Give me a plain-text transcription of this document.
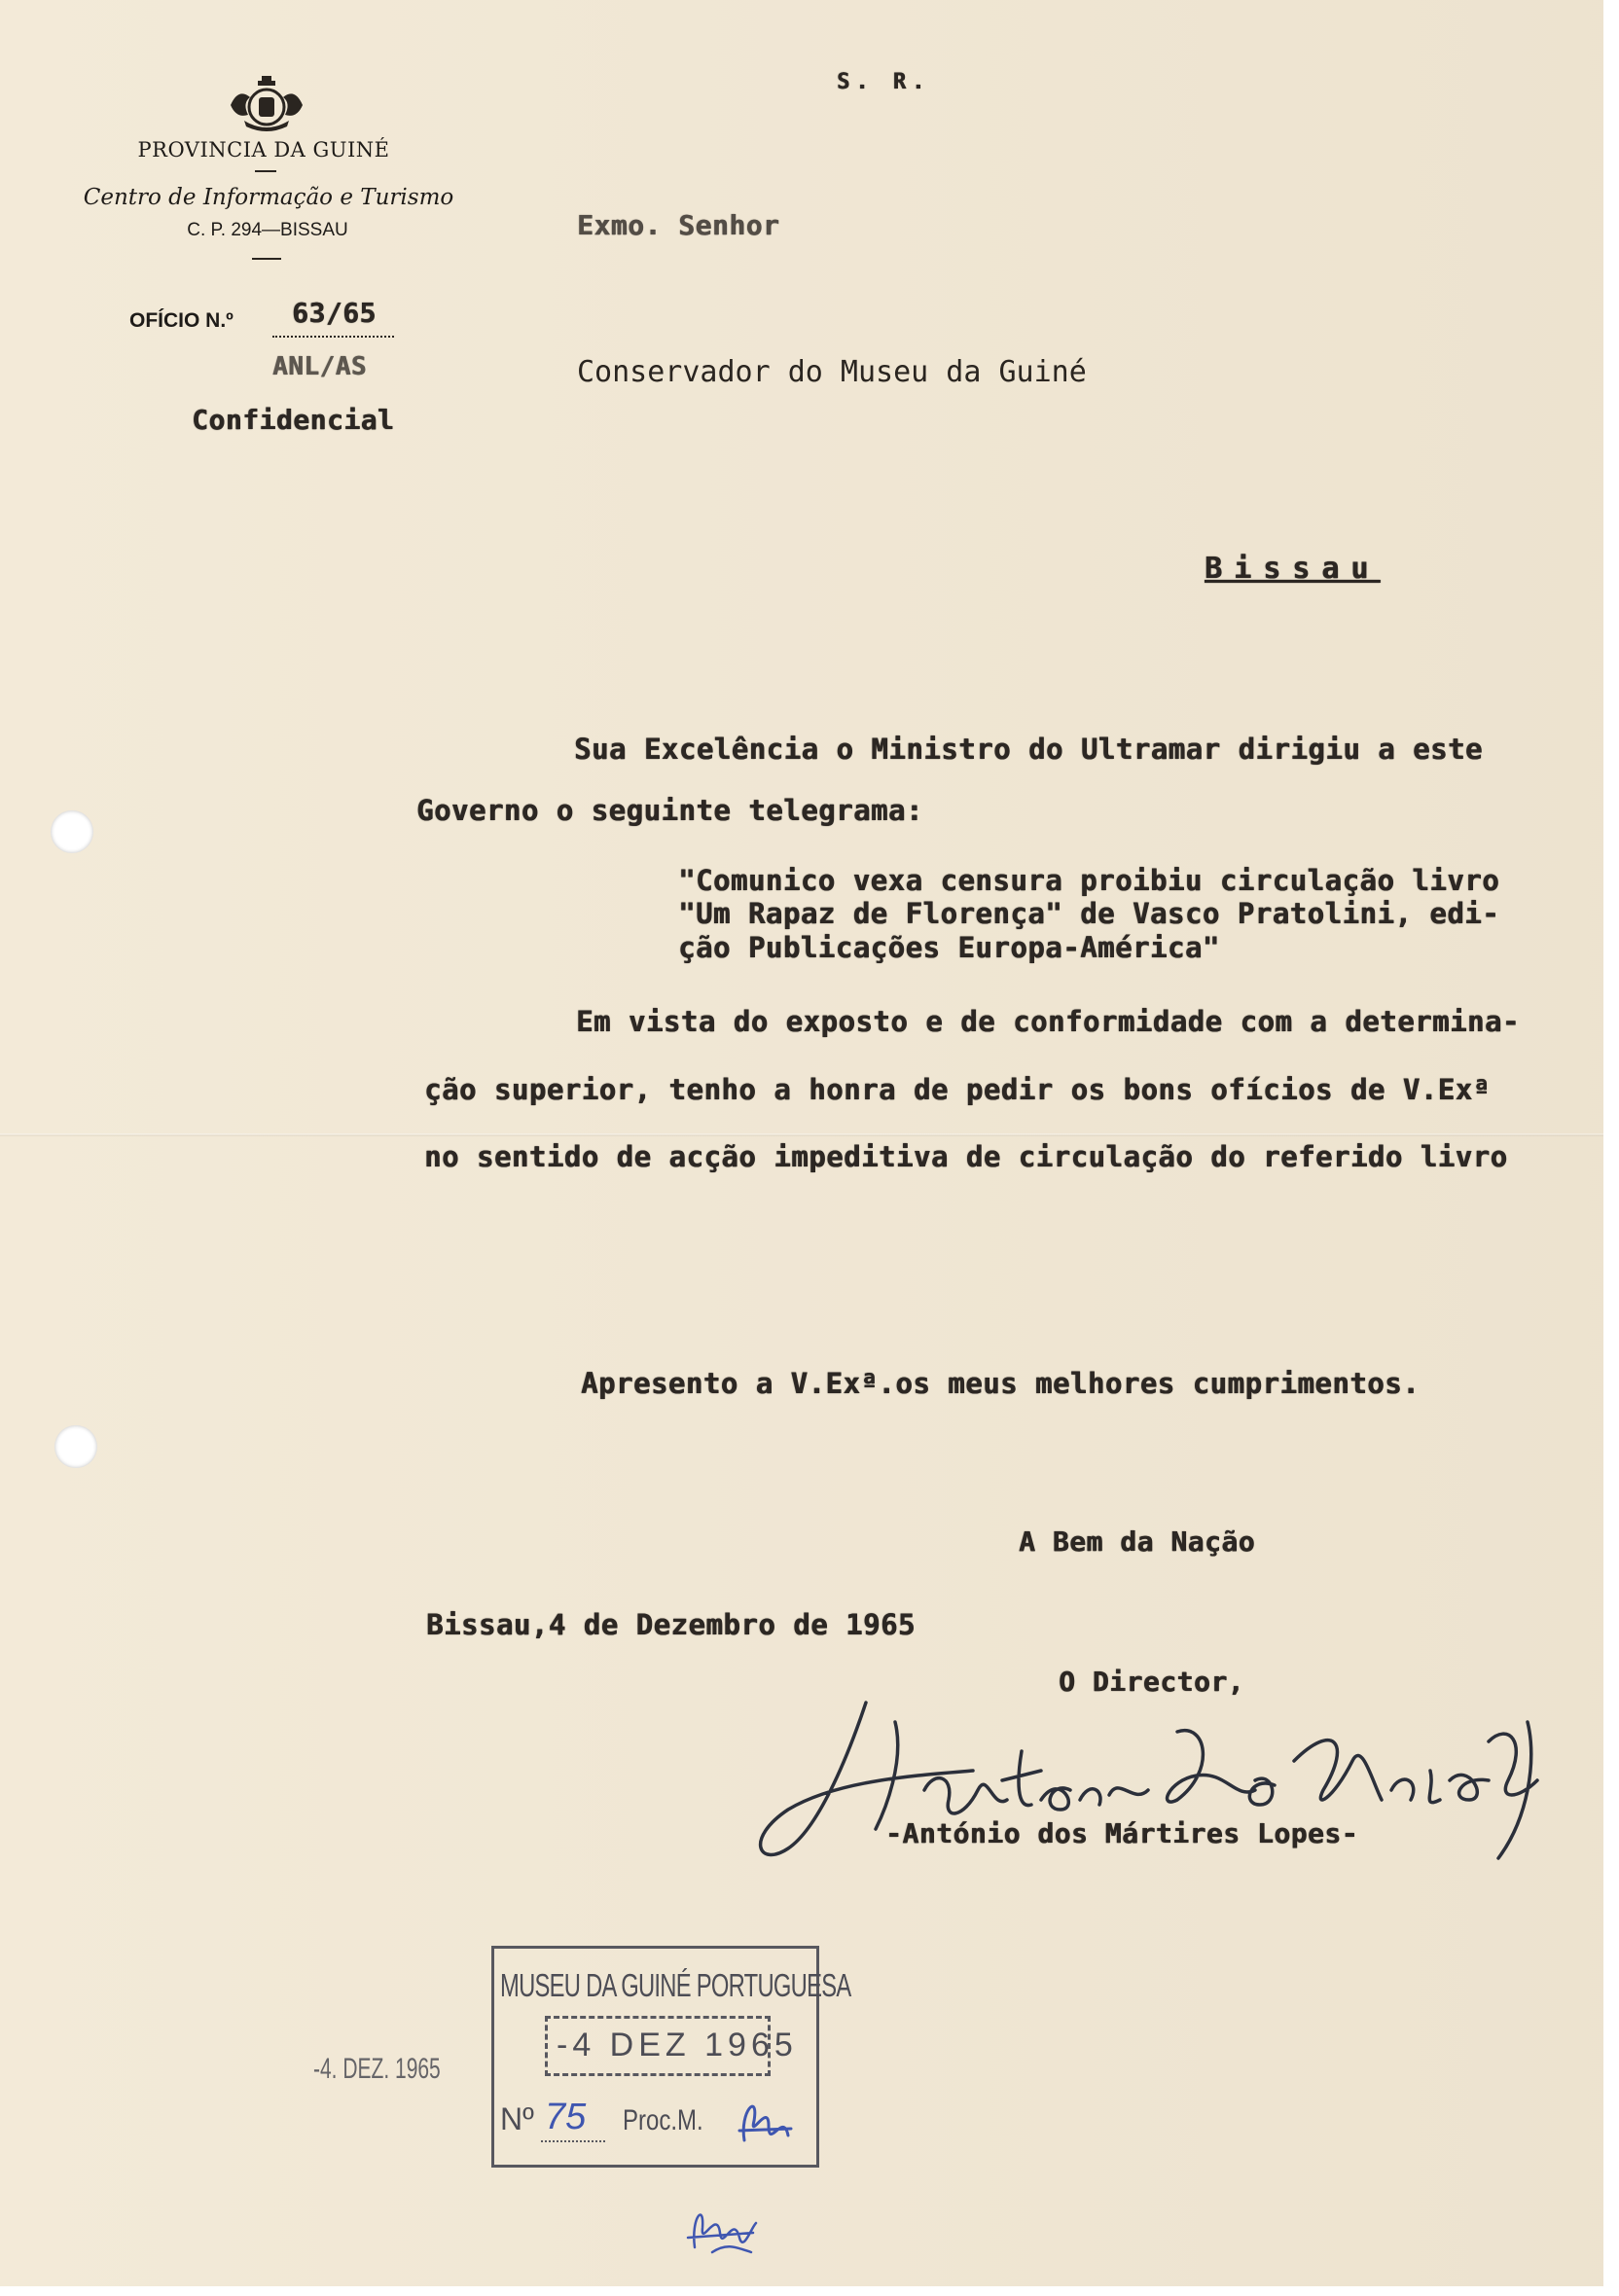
PROVINCIA DA GUINÉ
Centro de Informação e Turismo
C. P. 294—BISSAU
OFÍCIO N.º 63/65
ANL/AS
Confidencial
S. R.
Exmo. Senhor
Conservador do Museu da Guiné
Bissau
Sua Excelência o Ministro do Ultramar dirigiu a este
Governo o seguinte telegrama:
"Comunico vexa censura proibiu circulação livro
"Um Rapaz de Florença" de Vasco Pratolini, edi-
ção Publicações Europa-América"
Em vista do exposto e de conformidade com a determina-
ção superior, tenho a honra de pedir os bons ofícios de V.Exª
no sentido de acção impeditiva de circulação do referido livro
Apresento a V.Exª.os meus melhores cumprimentos.
A Bem da Nação
Bissau,4 de Dezembro de 1965
O Director,
-António dos Mártires Lopes-
MUSEU DA GUINÉ PORTUGUESA
-4 DEZ 1965
Nº 75 Proc.M.
-4. DEZ. 1965
